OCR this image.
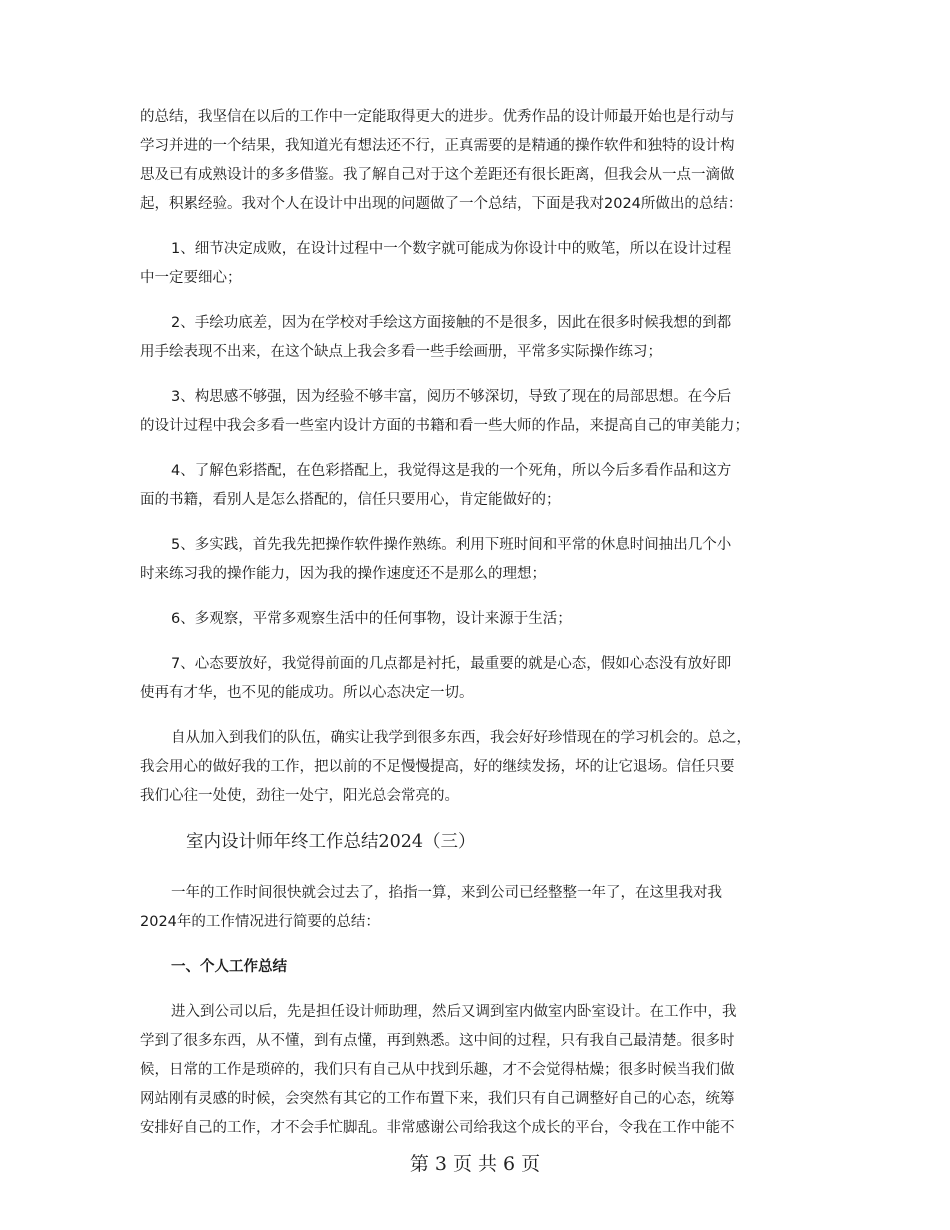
的总结，我坚信在以后的工作中一定能取得更大的进步。优秀作品的设计师最开始也是行动与
学习并进的一个结果，我知道光有想法还不行，正真需要的是精通的操作软件和独特的设计构
思及已有成熟设计的多多借鉴。我了解自己对于这个差距还有很长距离，但我会从一点一滴做
起，积累经验。我对个人在设计中出现的问题做了一个总结，下面是我对2024所做出的总结：

1、细节决定成败，在设计过程中一个数字就可能成为你设计中的败笔，所以在设计过程
中一定要细心；

2、手绘功底差，因为在学校对手绘这方面接触的不是很多，因此在很多时候我想的到都
用手绘表现不出来，在这个缺点上我会多看一些手绘画册，平常多实际操作练习；

3、构思感不够强，因为经验不够丰富，阅历不够深切，导致了现在的局部思想。在今后
的设计过程中我会多看一些室内设计方面的书籍和看一些大师的作品，来提高自己的审美能力；

4、了解色彩搭配，在色彩搭配上，我觉得这是我的一个死角，所以今后多看作品和这方
面的书籍，看别人是怎么搭配的，信任只要用心，肯定能做好的；

5、多实践，首先我先把操作软件操作熟练。利用下班时间和平常的休息时间抽出几个小
时来练习我的操作能力，因为我的操作速度还不是那么的理想；

6、多观察，平常多观察生活中的任何事物，设计来源于生活；

7、心态要放好，我觉得前面的几点都是衬托，最重要的就是心态，假如心态没有放好即
使再有才华，也不见的能成功。所以心态决定一切。

自从加入到我们的队伍，确实让我学到很多东西，我会好好珍惜现在的学习机会的。总之，
我会用心的做好我的工作，把以前的不足慢慢提高，好的继续发扬，坏的让它退场。信任只要
我们心往一处使，劲往一处宁，阳光总会常亮的。

室内设计师年终工作总结2024（三）

一年的工作时间很快就会过去了，掐指一算，来到公司已经整整一年了，在这里我对我
2024年的工作情况进行简要的总结：

一、个人工作总结

进入到公司以后，先是担任设计师助理，然后又调到室内做室内卧室设计。在工作中，我
学到了很多东西，从不懂，到有点懂，再到熟悉。这中间的过程，只有我自己最清楚。很多时
候，日常的工作是琐碎的，我们只有自己从中找到乐趣，才不会觉得枯燥；很多时候当我们做
网站刚有灵感的时候，会突然有其它的工作布置下来，我们只有自己调整好自己的心态，统筹
安排好自己的工作，才不会手忙脚乱。非常感谢公司给我这个成长的平台，令我在工作中能不

第 3 页 共 6 页
